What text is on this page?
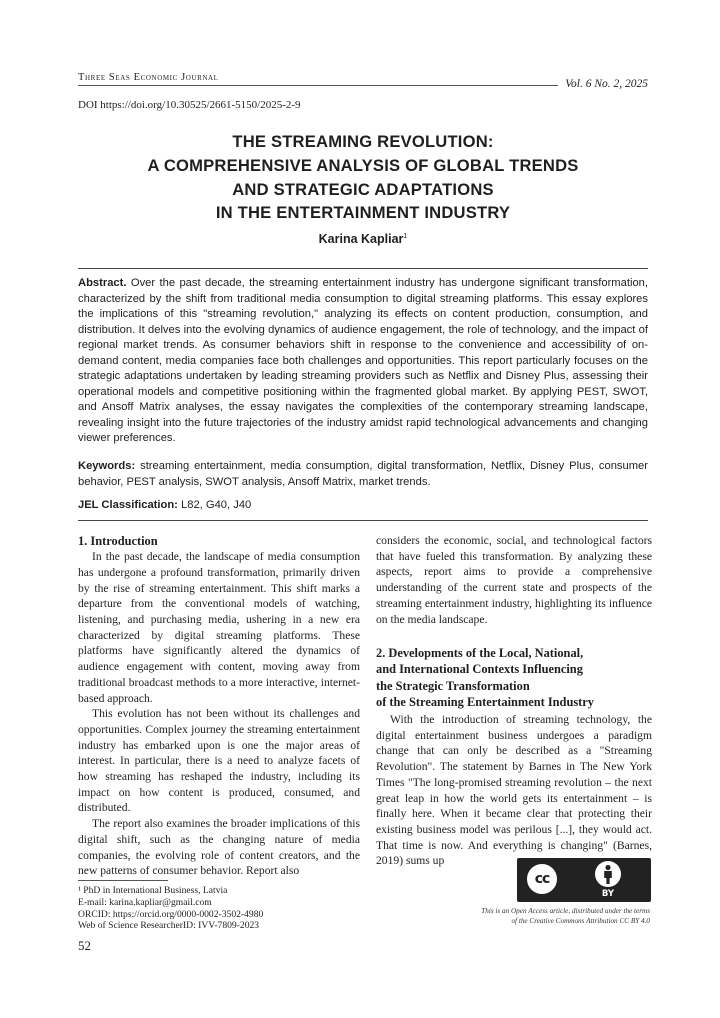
Three Seas Economic Journal
Vol. 6 No. 2, 2025
DOI https://doi.org/10.30525/2661-5150/2025-2-9
THE STREAMING REVOLUTION:
A COMPREHENSIVE ANALYSIS OF GLOBAL TRENDS
AND STRATEGIC ADAPTATIONS
IN THE ENTERTAINMENT INDUSTRY
Karina Kapliar$^1$
Abstract. Over the past decade, the streaming entertainment industry has undergone significant transformation, characterized by the shift from traditional media consumption to digital streaming platforms. This essay explores the implications of this "streaming revolution," analyzing its effects on content production, consumption, and distribution. It delves into the evolving dynamics of audience engagement, the role of technology, and the impact of regional market trends. As consumer behaviors shift in response to the convenience and accessibility of on-demand content, media companies face both challenges and opportunities. This report particularly focuses on the strategic adaptations undertaken by leading streaming providers such as Netflix and Disney Plus, assessing their operational models and competitive positioning within the fragmented global market. By applying PEST, SWOT, and Ansoff Matrix analyses, the essay navigates the complexities of the contemporary streaming landscape, revealing insight into the future trajectories of the industry amidst rapid technological advancements and changing viewer preferences.
Keywords: streaming entertainment, media consumption, digital transformation, Netflix, Disney Plus, consumer behavior, PEST analysis, SWOT analysis, Ansoff Matrix, market trends.
JEL Classification: L82, G40, J40
1. Introduction

In the past decade, the landscape of media consumption has undergone a profound transformation, primarily driven by the rise of streaming entertainment. This shift marks a departure from the conventional models of watching, listening, and purchasing media, ushering in a new era characterized by digital streaming platforms. These platforms have significantly altered the dynamics of audience engagement with content, moving away from traditional broadcast methods to a more interactive, internet-based approach.

This evolution has not been without its challenges and opportunities. Complex journey the streaming entertainment industry has embarked upon is one the major areas of interest. In particular, there is a need to analyze facets of how streaming has reshaped the industry, including its impact on how content is produced, consumed, and distributed.

The report also examines the broader implications of this digital shift, such as the changing nature of media companies, the evolving role of content creators, and the new patterns of consumer behavior. Report also

considers the economic, social, and technological factors that have fueled this transformation. By analyzing these aspects, report aims to provide a comprehensive understanding of the current state and prospects of the streaming entertainment industry, highlighting its influence on the media landscape.

2. Developments of the Local, National,
and International Contexts Influencing
the Strategic Transformation
of the Streaming Entertainment Industry

With the introduction of streaming technology, the digital entertainment business undergoes a paradigm change that can only be described as a "Streaming Revolution". The statement by Barnes in The New York Times "The long-promised streaming revolution – the next great leap in how the world gets its entertainment – is finally here. When it became clear that protecting their existing business model was perilous [...], they would act. That time is now. And everything is changing" (Barnes, 2019) sums up

¹ PhD in International Business, Latvia
E-mail: karina.kapliar@gmail.com
ORCID: https://orcid.org/0000-0002-3502-4980
Web of Science ResearcherID: IVV-7809-2023
52
cc
BY
This is an Open Access article, distributed under the terms
of the Creative Commons Attribution CC BY 4.0
